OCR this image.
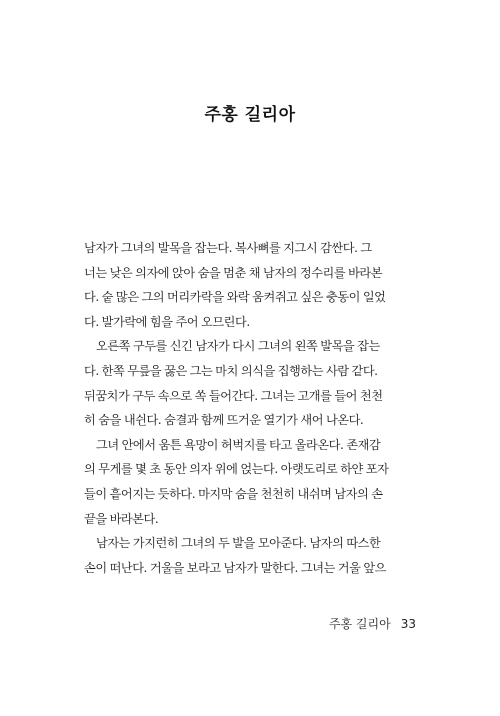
주홍 길리아
남자가 그녀의 발목을 잡는다. 복사뼈를 지그시 감싼다. 그
너는 낮은 의자에 앉아 숨을 멈춘 채 남자의 정수리를 바라본
다. 숱 많은 그의 머리카락을 와락 움켜쥐고 싶은 충동이 일었
다. 발가락에 힘을 주어 오므린다.
오른쪽 구두를 신긴 남자가 다시 그녀의 왼쪽 발목을 잡는
다. 한쪽 무릎을 꿇은 그는 마치 의식을 집행하는 사람 같다.
뒤꿈치가 구두 속으로 쏙 들어간다. 그녀는 고개를 들어 천천
히 숨을 내쉰다. 숨결과 함께 뜨거운 열기가 새어 나온다.
그녀 안에서 움튼 욕망이 허벅지를 타고 올라온다. 존재감
의 무게를 몇 초 동안 의자 위에 얹는다. 아랫도리로 하얀 포자
들이 흩어지는 듯하다. 마지막 숨을 천천히 내쉬며 남자의 손
끝을 바라본다.
남자는 가지런히 그녀의 두 발을 모아준다. 남자의 따스한
손이 떠난다. 거울을 보라고 남자가 말한다. 그녀는 거울 앞으
주홍 길리아 33
